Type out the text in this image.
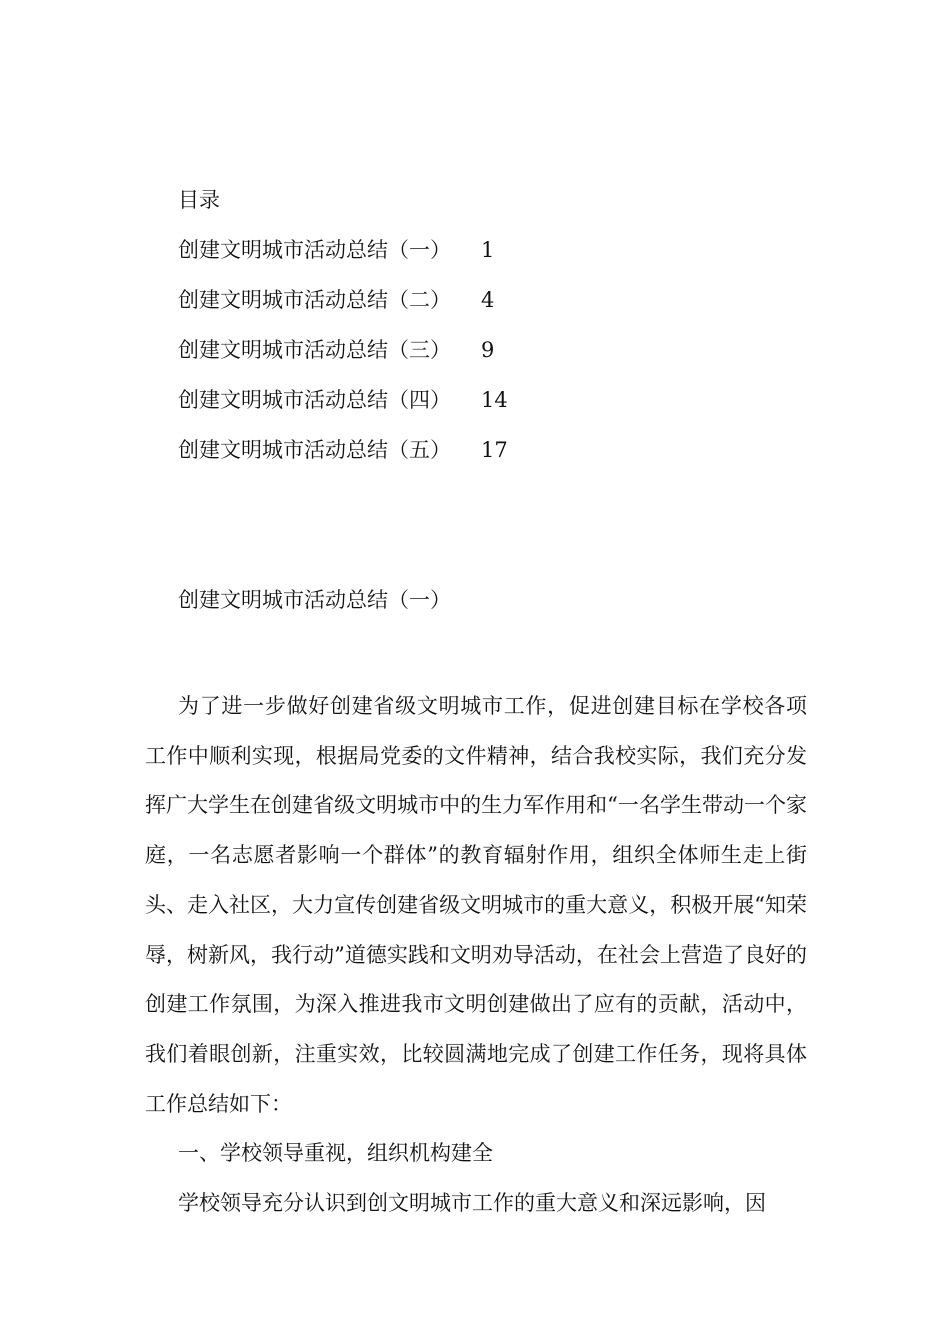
目录
创建文明城市活动总结（一） 1
创建文明城市活动总结（二） 4
创建文明城市活动总结（三） 9
创建文明城市活动总结（四） 14
创建文明城市活动总结（五） 17
创建文明城市活动总结（一）

为了进一步做好创建省级文明城市工作，促进创建目标在学校各项工作中顺利实现，根据局党委的文件精神，结合我校实际，我们充分发挥广大学生在创建省级文明城市中的生力军作用和“一名学生带动一个家庭，一名志愿者影响一个群体”的教育辐射作用，组织全体师生走上街头、走入社区，大力宣传创建省级文明城市的重大意义，积极开展“知荣辱，树新风，我行动”道德实践和文明劝导活动，在社会上营造了良好的创建工作氛围，为深入推进我市文明创建做出了应有的贡献，活动中，我们着眼创新，注重实效，比较圆满地完成了创建工作任务，现将具体工作总结如下：

一、学校领导重视，组织机构建全

学校领导充分认识到创文明城市工作的重大意义和深远影响，因
